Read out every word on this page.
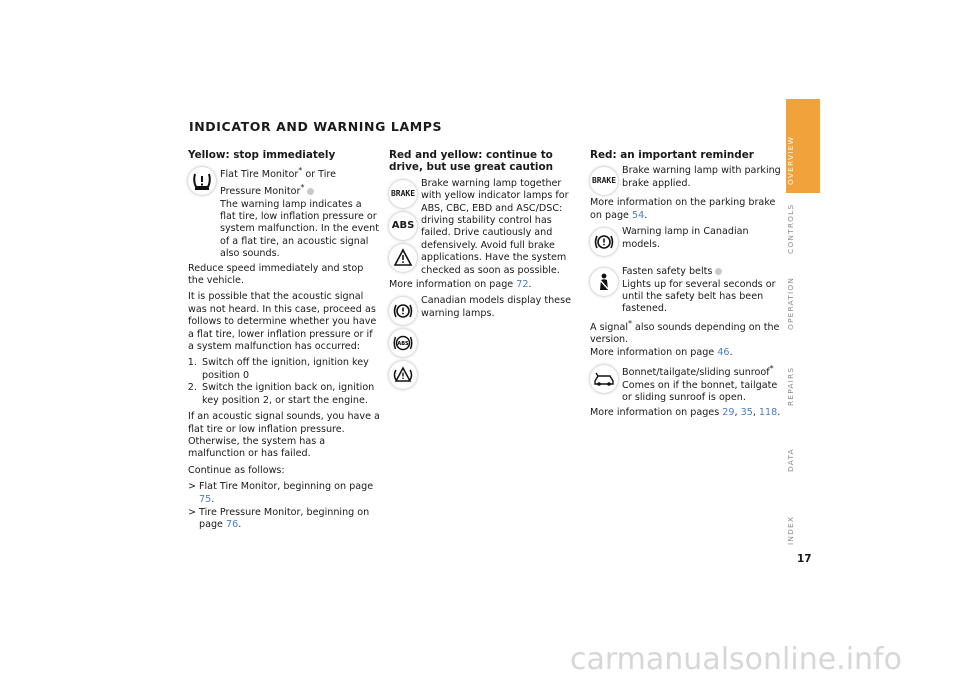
INDICATOR AND WARNING LAMPS
Yellow: stop immediately
Flat Tire Monitor* or Tire Pressure Monitor*
The warning lamp indicates a flat tire, low inflation pressure or system malfunction. In the event of a flat tire, an acoustic signal also sounds.
Reduce speed immediately and stop the vehicle.
It is possible that the acoustic signal was not heard. In this case, proceed as follows to determine whether you have a flat tire, lower inflation pressure or if a system malfunction has occurred:
1. Switch off the ignition, ignition key position 0
2. Switch the ignition back on, ignition key position 2, or start the engine.
If an acoustic signal sounds, you have a flat tire or low inflation pressure. Otherwise, the system has a malfunction or has failed.
Continue as follows:
> Flat Tire Monitor, beginning on page 75.
> Tire Pressure Monitor, beginning on page 76.
Red and yellow: continue to drive, but use great caution
BRAKE
ABS
Brake warning lamp together with yellow indicator lamps for ABS, CBC, EBD and ASC/DSC: driving stability control has failed. Drive cautiously and defensively. Avoid full brake applications. Have the system checked as soon as possible.
More information on page 72.
ABS
Canadian models display these warning lamps.
Red: an important reminder
BRAKE
Brake warning lamp with parking brake applied.
More information on the parking brake on page 54.
Warning lamp in Canadian models.
Fasten safety belts
Lights up for several seconds or until the safety belt has been fastened.
A signal* also sounds depending on the version.
More information on page 46.
Bonnet/tailgate/sliding sunroof*
Comes on if the bonnet, tailgate or sliding sunroof is open.
More information on pages 29, 35, 118.
OVERVIEW
CONTROLS
OPERATION
REPAIRS
DATA
INDEX
17
carmanualsonline.info
